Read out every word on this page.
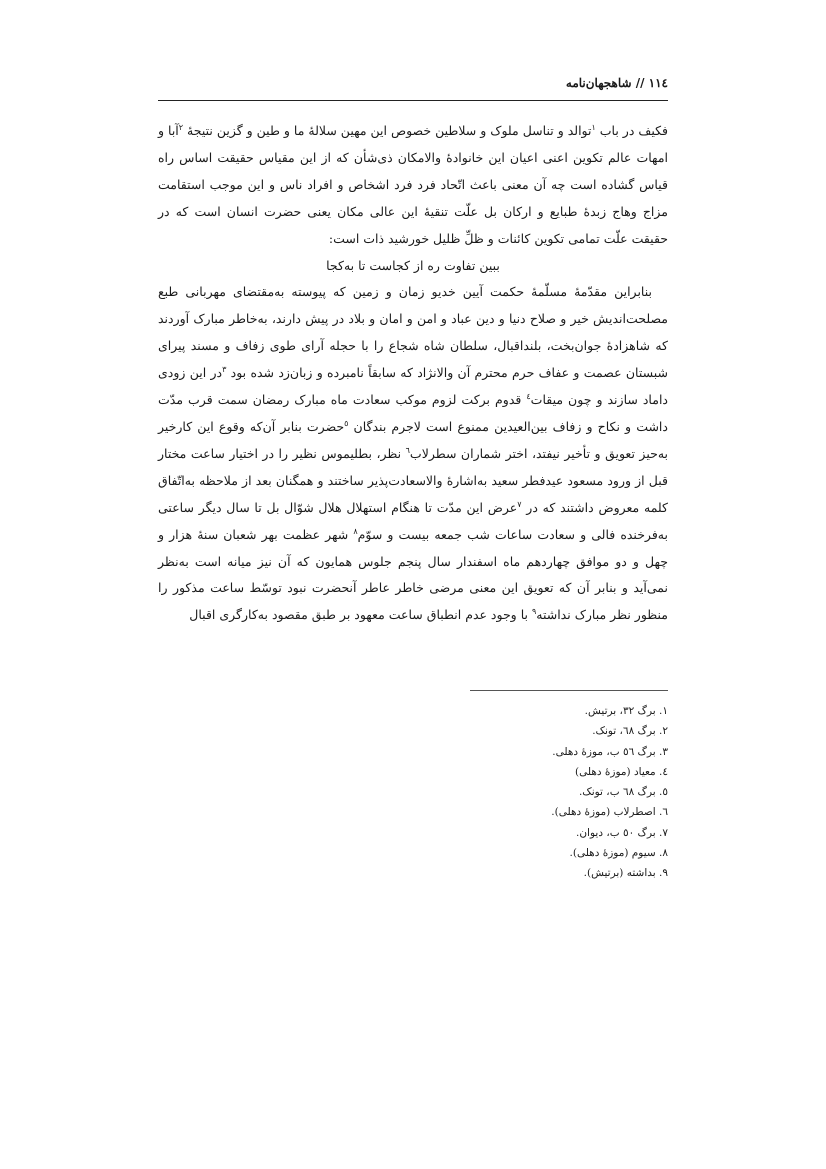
١١٤ // شاهجهان‌نامه

فکیف در باب $^١$توالد و تناسل ملوک و سلاطین خصوص این مهین سلالهٔ ما و طین و گزین نتیجهٔ $^٢$آبا و امهات عالم تکوین اعنی اعیان این خانوادهٔ والامکان ذی‌شأن که از این مقیاس حقیقت اساس راه قیاس گشاده است چه آن معنی باعث اتّحاد فرد فرد اشخاص و افراد ناس و این موجب استقامت مزاج وهاج زبدهٔ طبایع و ارکان بل علّت تنقیهٔ این عالی مکان یعنی حضرت انسان است که در حقیقت علّت تمامی تکوین کائنات و ظلِّ ظلیل خورشید ذات است:

ببین تفاوت ره از کجاست تا به‌کجا

بنابراین مقدّمهٔ مسلّمهٔ حکمت آیین خدیو زمان و زمین که پیوسته به‌مقتضای مهربانی طبع مصلحت‌اندیش خیر و صلاح دنیا و دین عباد و امن و امان و بلاد در پیش دارند، به‌خاطر مبارک آوردند که شاهزادهٔ جوان‌بخت، بلنداقبال، سلطان شاه شجاع را با حجله آرای طوی زفاف و مسند پیرای شبستان عصمت و عفاف حرم محترم آن والانژاد که سابقاً نامبرده و زبان‌زد شده بود $^٣$در این زودی داماد سازند و چون میقات$^٤$ قدوم برکت لزوم موکب سعادت ماه مبارک رمضان سمت قرب مدّت داشت و نکاح و زفاف بین‌العیدین ممنوع است لاجرم بندگان $^٥$حضرت بنابر آن‌که وقوع این کارخیر به‌حیز تعویق و تأخیر نیفتد، اختر شماران سطرلاب$^٦$ نظر، بطلیموس نظیر را در اختیار ساعت مختار قبل از ورود مسعود عیدفطر سعید به‌اشارهٔ والاسعادت‌پذیر ساختند و همگنان بعد از ملاحظه به‌اتّفاق کلمه معروض داشتند که در $^٧$عرض این مدّت تا هنگام استهلال هلال شوّال بل تا سال دیگر ساعتی به‌فرخنده فالی و سعادت ساعات شب جمعه بیست و سوّم$^٨$ شهر عظمت بهر شعبان سنهٔ هزار و چهل و دو موافق چهاردهم ماه اسفندار سال پنجم جلوس همایون که آن نیز میانه است به‌نظر نمی‌آید و بنابر آن که تعویق این معنی مرضی خاطر عاطر آنحضرت نبود توسّط ساعت مذکور را منظور نظر مبارک نداشته$^٩$ با وجود عدم انطباق ساعت معهود بر طبق مقصود به‌کارگری اقبال

١. برگ ٣٢، برتیش.
٢. برگ ٦٨، تونک.
٣. برگ ٥٦ ب، موزهٔ دهلی.
٤. معیاد (موزهٔ دهلی)
٥. برگ ٦٨ ب، تونک.
٦. اصطرلاب (موزهٔ دهلی).
٧. برگ ٥٠ ب، دیوان.
٨. سیوم (موزهٔ دهلی).
٩. بداشته (برتیش).
